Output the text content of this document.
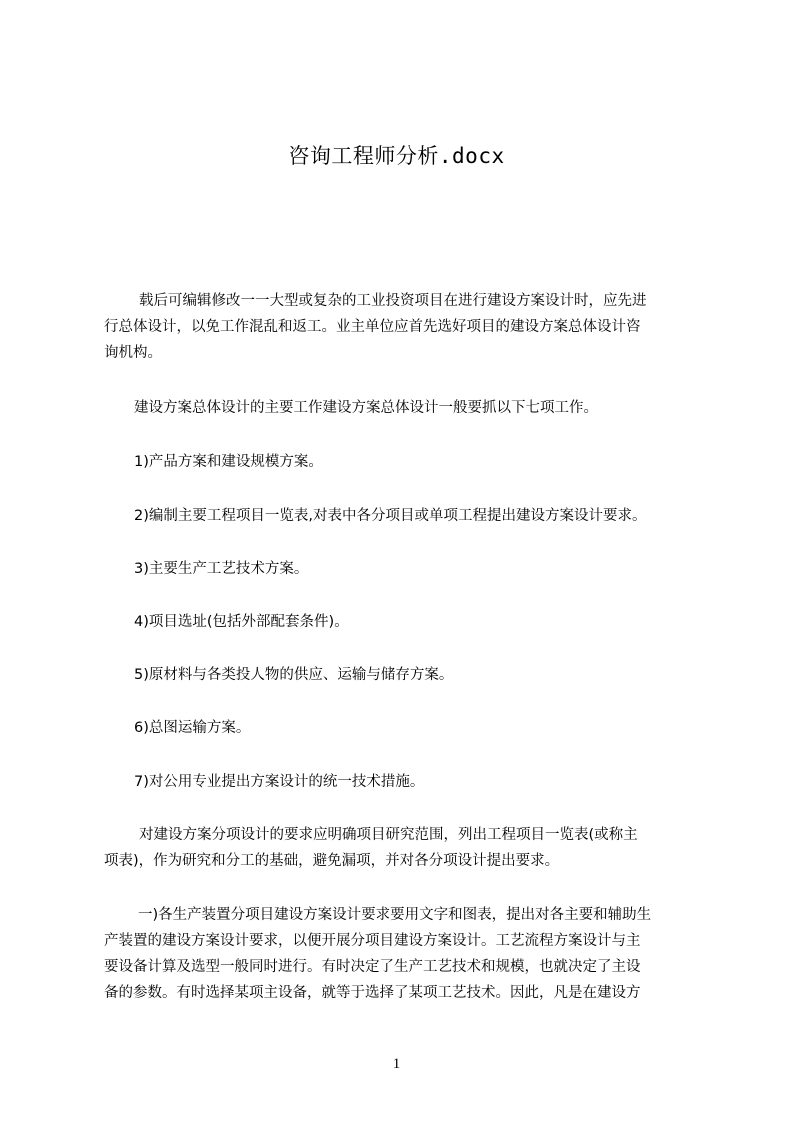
咨询工程师分析.docx
载后可编辑修改一一大型或复杂的工业投资项目在进行建设方案设计时，应先进
行总体设计，以免工作混乱和返工。业主单位应首先选好项目的建设方案总体设计咨
询机构。
建设方案总体设计的主要工作建设方案总体设计一般要抓以下七项工作。
1)产品方案和建设规模方案。
2)编制主要工程项目一览表,对表中各分项目或单项工程提出建设方案设计要求。
3)主要生产工艺技术方案。
4)项目选址(包括外部配套条件)。
5)原材料与各类投人物的供应、运输与储存方案。
6)总图运输方案。
7)对公用专业提出方案设计的统一技术措施。
对建设方案分项设计的要求应明确项目研究范围，列出工程项目一览表(或称主
项表)，作为研究和分工的基础，避免漏项，并对各分项设计提出要求。
一)各生产装置分项目建设方案设计要求要用文字和图表，提出对各主要和辅助生
产装置的建设方案设计要求，以便开展分项目建设方案设计。工艺流程方案设计与主
要设备计算及选型一般同时进行。有时决定了生产工艺技术和规模，也就决定了主设
备的参数。有时选择某项主设备，就等于选择了某项工艺技术。因此，凡是在建设方
1
